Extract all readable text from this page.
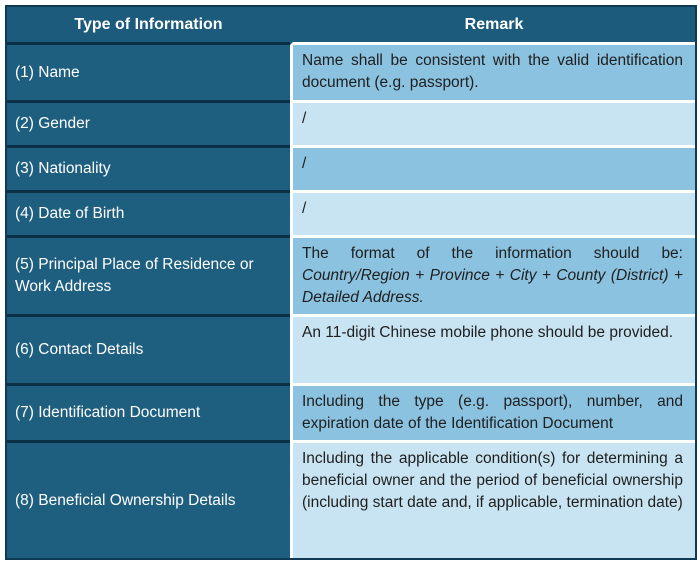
Type of Information	Remark
(1) Name	Name shall be consistent with the valid identification document (e.g. passport).
(2) Gender	/
(3) Nationality	/
(4) Date of Birth	/
(5) Principal Place of Residence or Work Address	The format of the information should be: Country/Region + Province + City + County (District) + Detailed Address.
(6) Contact Details	An 11-digit Chinese mobile phone should be provided.
(7) Identification Document	Including the type (e.g. passport), number, and expiration date of the Identification Document
(8) Beneficial Ownership Details	Including the applicable condition(s) for determining a beneficial owner and the period of beneficial ownership (including start date and, if applicable, termination date)
